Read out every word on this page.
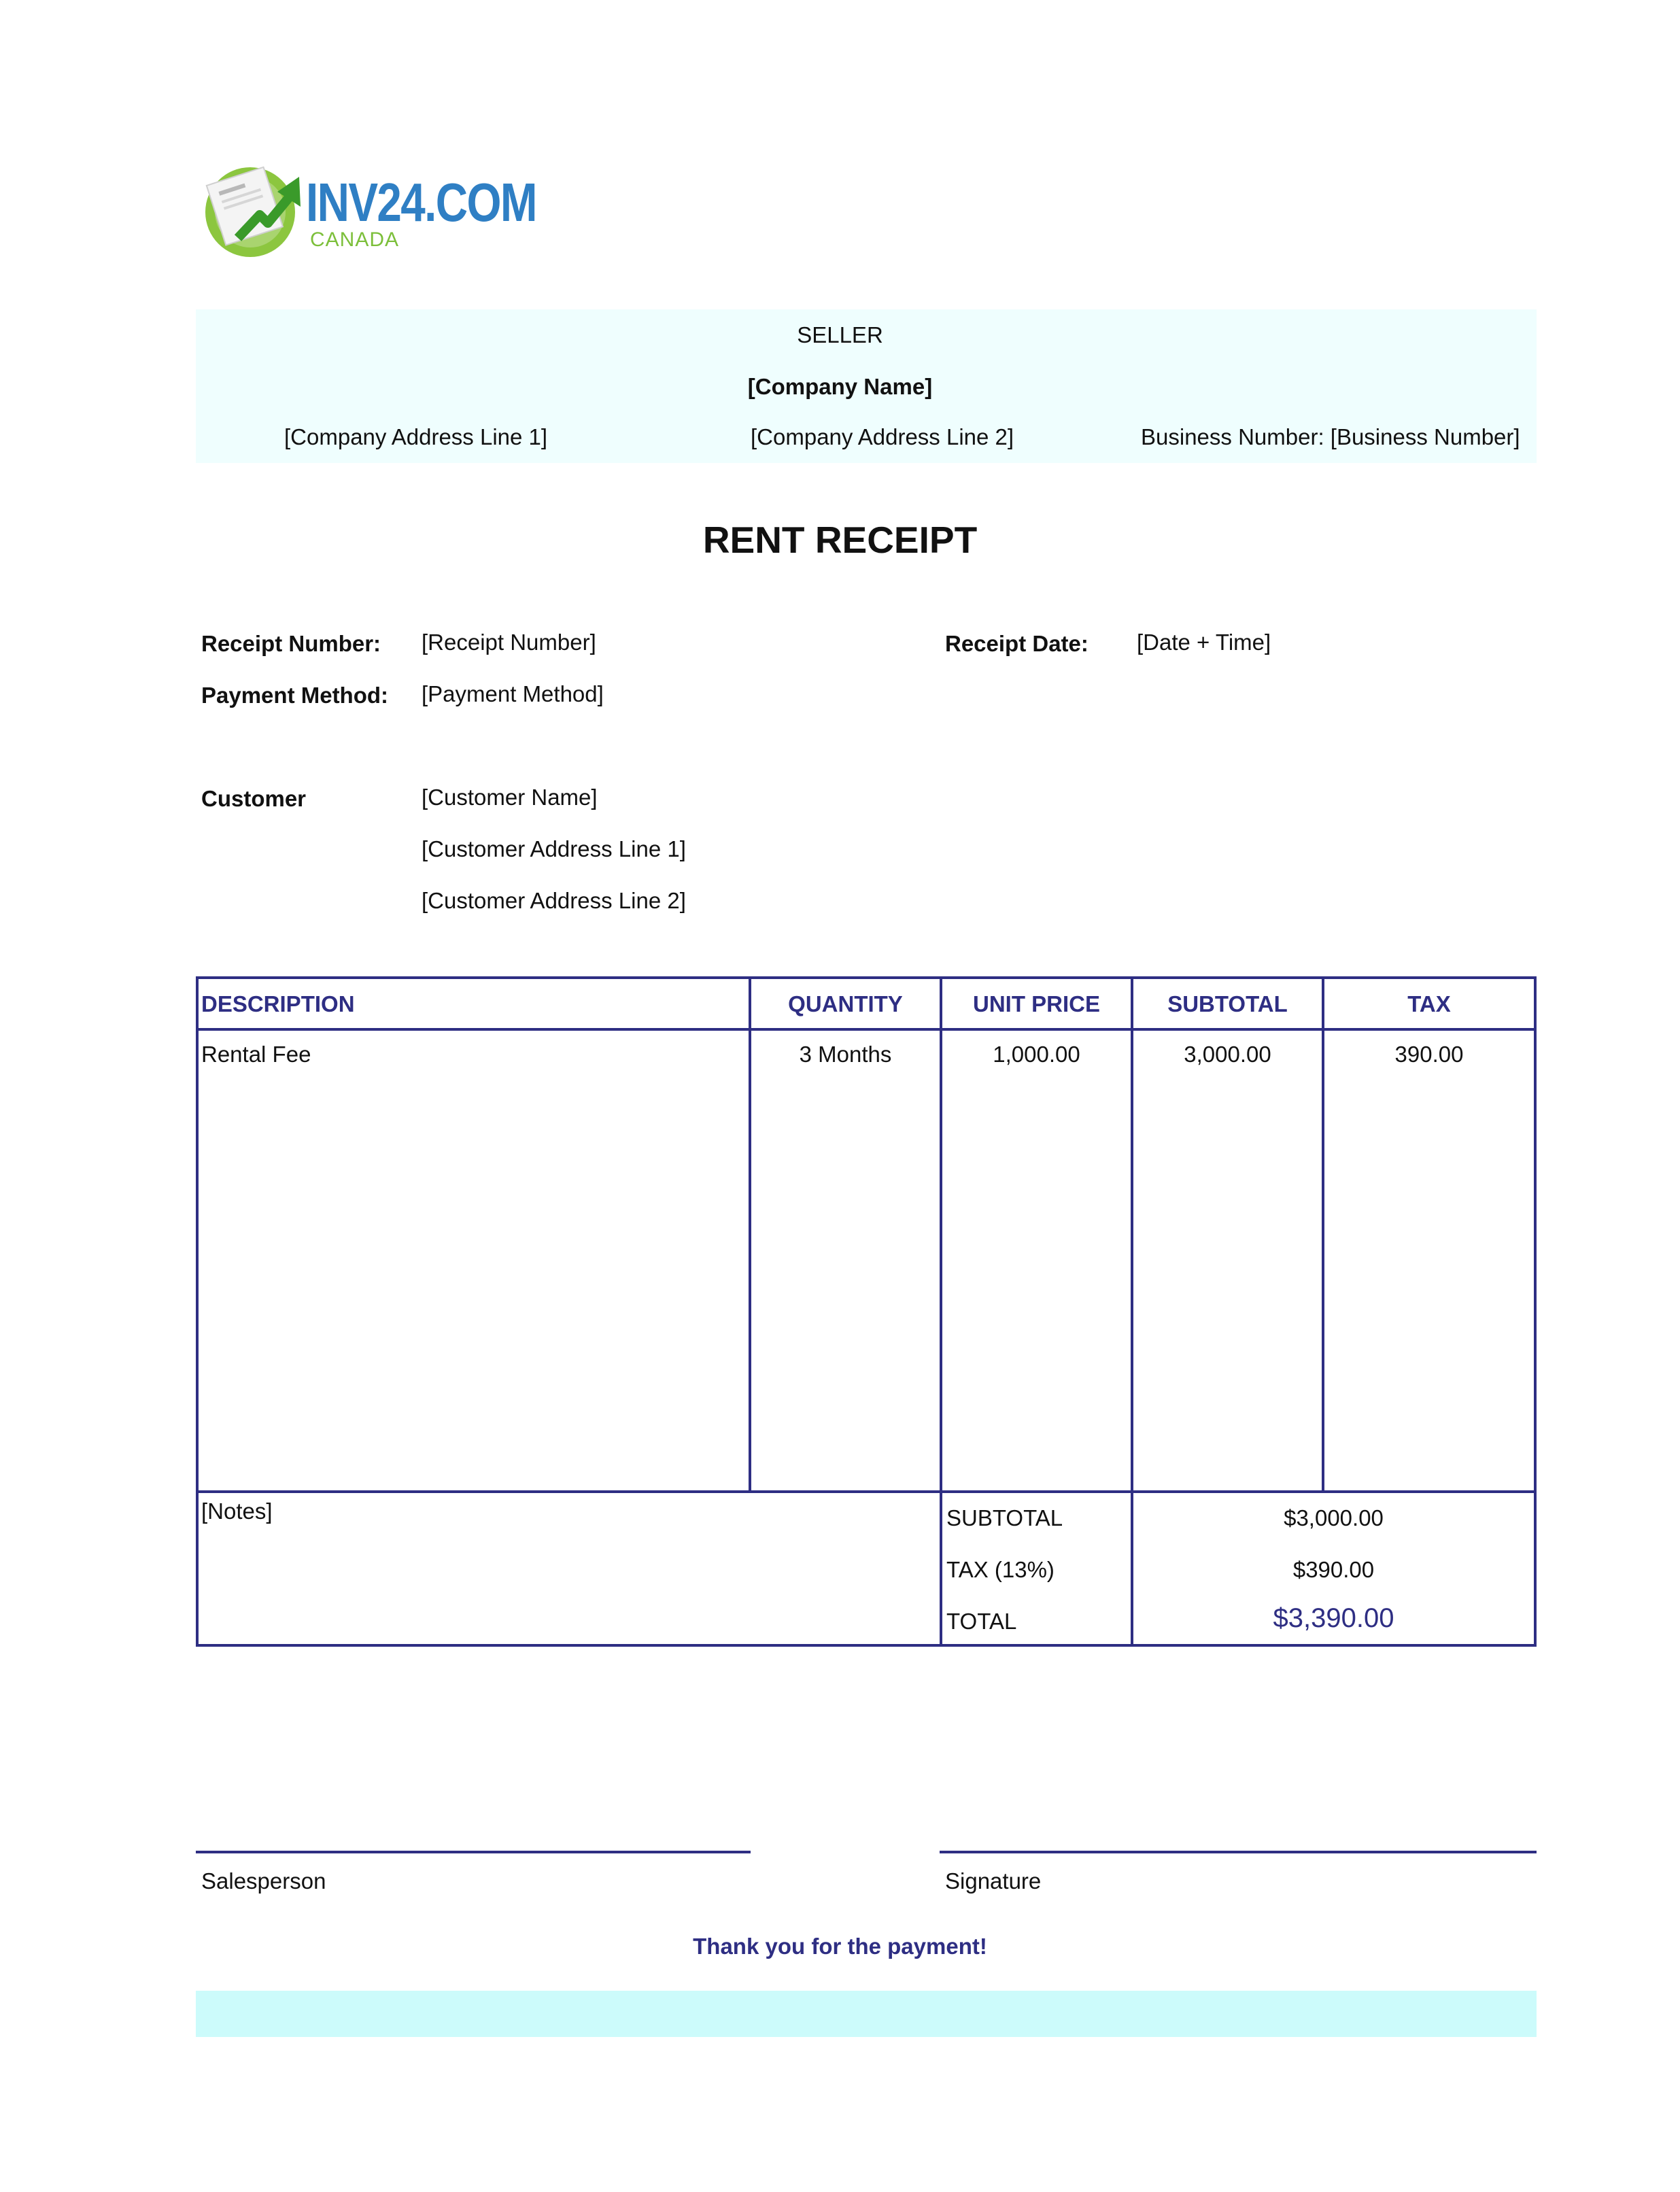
INV24.COM
CANADA
SELLER
[Company Name]
[Company Address Line 1]	[Company Address Line 2]	Business Number: [Business Number]
RENT RECEIPT
Receipt Number: [Receipt Number]	Receipt Date: [Date + Time]
Payment Method: [Payment Method]
Customer	[Customer Name]
[Customer Address Line 1]
[Customer Address Line 2]
DESCRIPTION	QUANTITY	UNIT PRICE	SUBTOTAL	TAX
Rental Fee	3 Months	1,000.00	3,000.00	390.00
[Notes]	SUBTOTAL	$3,000.00
TAX (13%)	$390.00
TOTAL	$3,390.00
Salesperson	Signature
Thank you for the payment!
